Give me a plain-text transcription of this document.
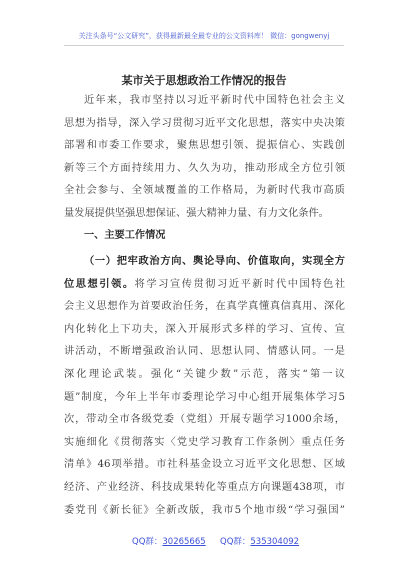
关注头条号“公文研究”，获得最新最全最专业的公文资料库！ 微信：gongwenyj
某市关于思想政治工作情况的报告
近年来，我市坚持以习近平新时代中国特色社会主义
思想为指导，深入学习贯彻习近平文化思想，落实中央决策
部署和市委工作要求，聚焦思想引领、提振信心、实践创
新等三个方面持续用力、久久为功，推动形成全方位引领
全社会参与、全领域覆盖的工作格局，为新时代我市高质
量发展提供坚强思想保证、强大精神力量、有力文化条件。
一、主要工作情况
（一）把牢政治方向、舆论导向、价值取向，实现全方
位思想引领。将学习宣传贯彻习近平新时代中国特色社
会主义思想作为首要政治任务，在真学真懂真信真用、深化
内化转化上下功夫，深入开展形式多样的学习、宣传、宣
讲活动，不断增强政治认同、思想认同、情感认同。一是
深化理论武装。强化“关键少数”示范，落实“第一议
题”制度，今年上半年市委理论学习中心组开展集体学习5
次，带动全市各级党委（党组）开展专题学习1000余场，
实施细化《贯彻落实〈党史学习教育工作条例〉重点任务
清单》46项举措。市社科基金设立习近平文化思想、区域
经济、产业经济、科技成果转化等重点方向课题438项，市
委党刊《新长征》全新改版，我市5个地市级“学习强国”
QQ群：30265665 QQ群：535304092
